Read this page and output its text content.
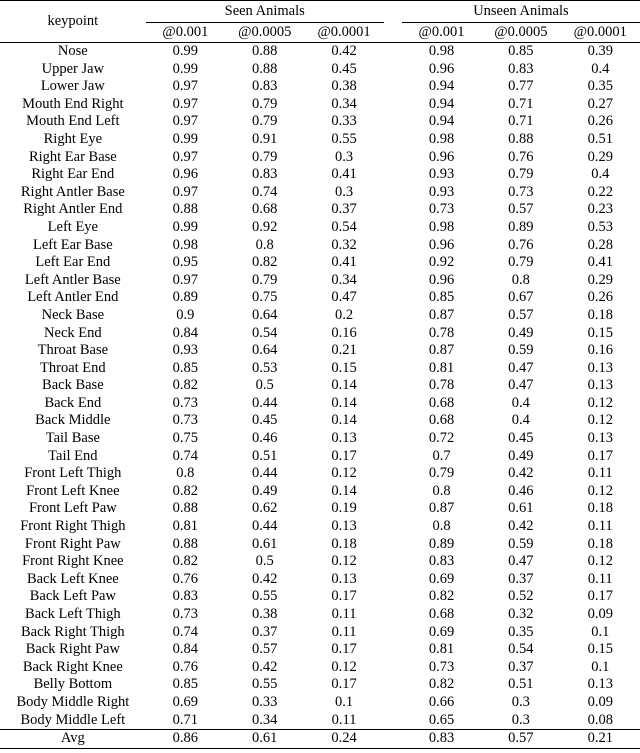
keypoint	Seen Animals				Unseen Animals		
	@0.001	@0.0005	@0.0001		@0.001	@0.0005	@0.0001
Nose	0.99	0.88	0.42		0.98	0.85	0.39
Upper Jaw	0.99	0.88	0.45		0.96	0.83	0.4
Lower Jaw	0.97	0.83	0.38		0.94	0.77	0.35
Mouth End Right	0.97	0.79	0.34		0.94	0.71	0.27
Mouth End Left	0.97	0.79	0.33		0.94	0.71	0.26
Right Eye	0.99	0.91	0.55		0.98	0.88	0.51
Right Ear Base	0.97	0.79	0.3		0.96	0.76	0.29
Right Ear End	0.96	0.83	0.41		0.93	0.79	0.4
Right Antler Base	0.97	0.74	0.3		0.93	0.73	0.22
Right Antler End	0.88	0.68	0.37		0.73	0.57	0.23
Left Eye	0.99	0.92	0.54		0.98	0.89	0.53
Left Ear Base	0.98	0.8	0.32		0.96	0.76	0.28
Left Ear End	0.95	0.82	0.41		0.92	0.79	0.41
Left Antler Base	0.97	0.79	0.34		0.96	0.8	0.29
Left Antler End	0.89	0.75	0.47		0.85	0.67	0.26
Neck Base	0.9	0.64	0.2		0.87	0.57	0.18
Neck End	0.84	0.54	0.16		0.78	0.49	0.15
Throat Base	0.93	0.64	0.21		0.87	0.59	0.16
Throat End	0.85	0.53	0.15		0.81	0.47	0.13
Back Base	0.82	0.5	0.14		0.78	0.47	0.13
Back End	0.73	0.44	0.14		0.68	0.4	0.12
Back Middle	0.73	0.45	0.14		0.68	0.4	0.12
Tail Base	0.75	0.46	0.13		0.72	0.45	0.13
Tail End	0.74	0.51	0.17		0.7	0.49	0.17
Front Left Thigh	0.8	0.44	0.12		0.79	0.42	0.11
Front Left Knee	0.82	0.49	0.14		0.8	0.46	0.12
Front Left Paw	0.88	0.62	0.19		0.87	0.61	0.18
Front Right Thigh	0.81	0.44	0.13		0.8	0.42	0.11
Front Right Paw	0.88	0.61	0.18		0.89	0.59	0.18
Front Right Knee	0.82	0.5	0.12		0.83	0.47	0.12
Back Left Knee	0.76	0.42	0.13		0.69	0.37	0.11
Back Left Paw	0.83	0.55	0.17		0.82	0.52	0.17
Back Left Thigh	0.73	0.38	0.11		0.68	0.32	0.09
Back Right Thigh	0.74	0.37	0.11		0.69	0.35	0.1
Back Right Paw	0.84	0.57	0.17		0.81	0.54	0.15
Back Right Knee	0.76	0.42	0.12		0.73	0.37	0.1
Belly Bottom	0.85	0.55	0.17		0.82	0.51	0.13
Body Middle Right	0.69	0.33	0.1		0.66	0.3	0.09
Body Middle Left	0.71	0.34	0.11		0.65	0.3	0.08
Avg	0.86	0.61	0.24		0.83	0.57	0.21
